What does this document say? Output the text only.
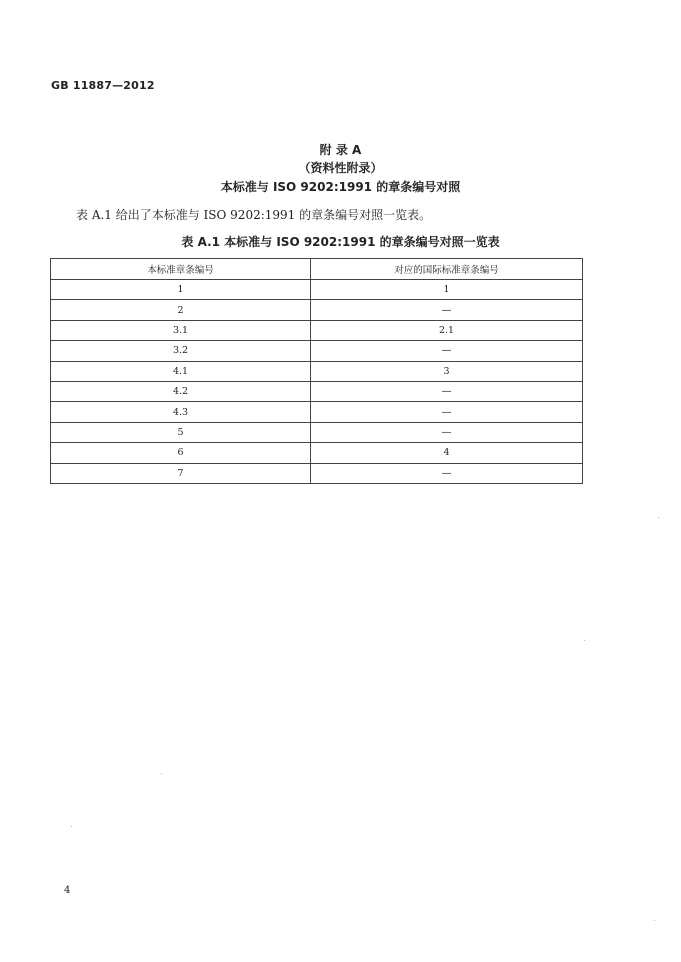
GB 11887—2012
附 录 A
（资料性附录）
本标准与 ISO 9202:1991 的章条编号对照
表 A.1 给出了本标准与 ISO 9202:1991 的章条编号对照一览表。
表 A.1 本标准与 ISO 9202:1991 的章条编号对照一览表
本标准章条编号	对应的国际标准章条编号
1	1
2	—
3.1	2.1
3.2	—
4.1	3
4.2	—
4.3	—
5	—
6	4
7	—
4
